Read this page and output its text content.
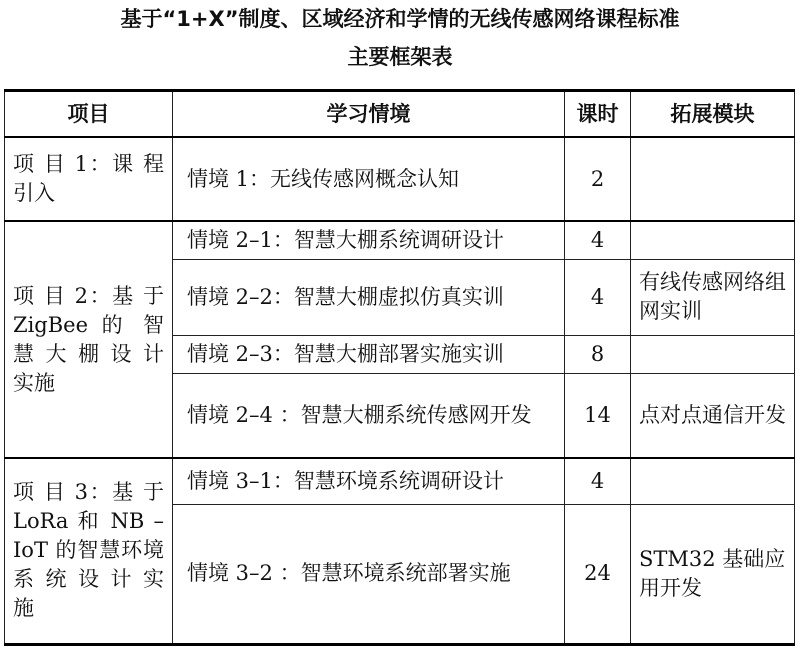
基于“1+X”制度、区域经济和学情的无线传感网络课程标准
主要框架表
项目	学习情境	课时	拓展模块
项 目 1：课 程 引入	情境 1：无线传感网概念认知	2	
项 目 2：基 于 ZigBee 的 智 慧 大 棚 设 计 实施	情境 2–1：智慧大棚系统调研设计	4	
	情境 2–2：智慧大棚虚拟仿真实训	4	有线传感网络组网实训
	情境 2–3：智慧大棚部署实施实训	8	
	情境 2–4 ：智慧大棚系统传感网开发	14	点对点通信开发
项 目 3：基 于 LoRa 和 NB – IoT 的智慧环境 系 统 设 计 实施	情境 3–1：智慧环境系统调研设计	4	
	情境 3–2 ：智慧环境系统部署实施	24	STM32 基础应用开发
